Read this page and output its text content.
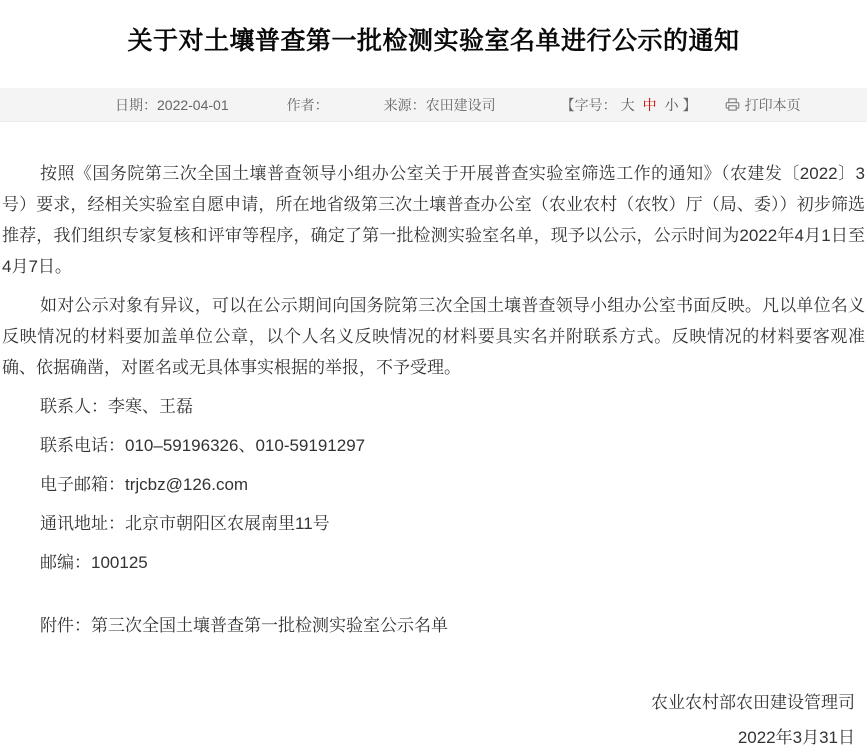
关于对土壤普查第一批检测实验室名单进行公示的通知
日期： 2022-04-01	作者：	来源： 农田建设司	【字号： 大 中 小 】	打印本页

按照《国务院第三次全国土壤普查领导小组办公室关于开展普查实验室筛选工作的通知》（农建发〔2022〕3号）要求，经相关实验室自愿申请，所在地省级第三次土壤普查办公室（农业农村（农牧）厅（局、委））初步筛选推荐，我们组织专家复核和评审等程序，确定了第一批检测实验室名单，现予以公示，公示时间为2022年4月1日至4月7日。

如对公示对象有异议，可以在公示期间向国务院第三次全国土壤普查领导小组办公室书面反映。凡以单位名义反映情况的材料要加盖单位公章，以个人名义反映情况的材料要具实名并附联系方式。反映情况的材料要客观准确、依据确凿，对匿名或无具体事实根据的举报，不予受理。

联系人：李寒、王磊

联系电话：010–59196326、010-59191297

电子邮箱：trjcbz@126.com

通讯地址：北京市朝阳区农展南里11号

邮编：100125

附件：第三次全国土壤普查第一批检测实验室公示名单

农业农村部农田建设管理司

2022年3月31日
